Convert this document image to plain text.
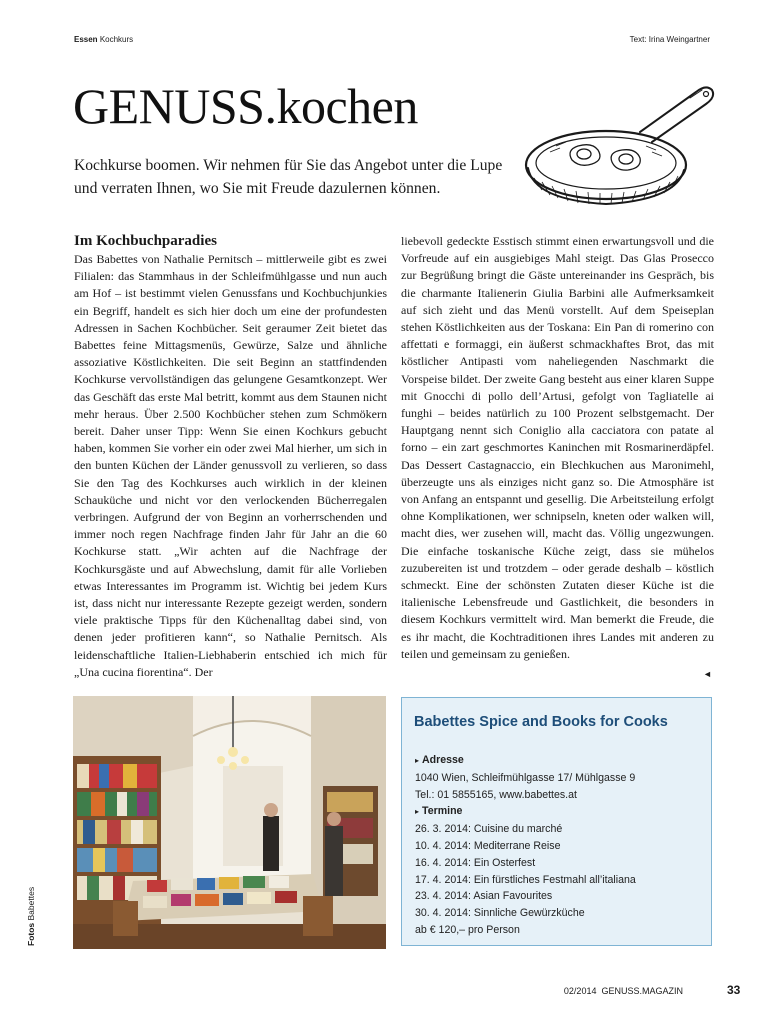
Essen Kochkurs	Text: Irina Weingartner
GENUSS.kochen
Kochkurse boomen. Wir nehmen für Sie das Angebot unter die Lupe und verraten Ihnen, wo Sie mit Freude dazulernen können.
Im Kochbuchparadies

Das Babettes von Nathalie Pernitsch – mittlerweile gibt es zwei Filialen: das Stammhaus in der Schleifmühlgasse und nun auch am Hof – ist bestimmt vielen Genussfans und Kochbuchjunkies ein Begriff, handelt es sich hier doch um eine der profundesten Adressen in Sachen Kochbücher. Seit geraumer Zeit bietet das Babettes feine Mittagsmenüs, Gewürze, Salze und ähnliche assoziative Köstlichkeiten. Die seit Beginn an stattfindenden Kochkurse vervollständigen das gelungene Gesamtkonzept. Wer das Geschäft das erste Mal betritt, kommt aus dem Staunen nicht mehr heraus. Über 2.500 Kochbücher stehen zum Schmökern bereit. Daher unser Tipp: Wenn Sie einen Kochkurs gebucht haben, kommen Sie vorher ein oder zwei Mal hierher, um sich in den bunten Küchen der Länder genussvoll zu verlieren, so dass Sie den Tag des Kochkurses auch wirklich in der kleinen Schauküche und nicht vor den verlockenden Bücherregalen verbringen. Aufgrund der von Beginn an vorherrschenden und immer noch regen Nachfrage finden Jahr für Jahr an die 60 Kochkurse statt. „Wir achten auf die Nachfrage der Kochkursgäste und auf Abwechslung, damit für alle Vorlieben etwas Interessantes im Programm ist. Wichtig bei jedem Kurs ist, dass nicht nur interessante Rezepte gezeigt werden, sondern viele praktische Tipps für den Küchenalltag dabei sind, von denen jeder profitieren kann“, so Nathalie Pernitsch. Als leidenschaftliche Italien-Liebhaberin entschied ich mich für „Una cucina fiorentina“. Der

liebevoll gedeckte Esstisch stimmt einen erwartungsvoll und die Vorfreude auf ein ausgiebiges Mahl steigt. Das Glas Prosecco zur Begrüßung bringt die Gäste untereinander ins Gespräch, bis die charmante Italienerin Giulia Barbini alle Aufmerksamkeit auf sich zieht und das Menü vorstellt. Auf dem Speiseplan stehen Köstlichkeiten aus der Toskana: Ein Pan di romerino con affettati e formaggi, ein äußerst schmackhaftes Brot, das mit köstlicher Antipasti vom naheliegenden Naschmarkt die Vorspeise bildet. Der zweite Gang besteht aus einer klaren Suppe mit Gnocchi di pollo dell’Artusi, gefolgt von Tagliatelle ai funghi – beides natürlich zu 100 Prozent selbstgemacht. Der Hauptgang nennt sich Coniglio alla cacciatora con patate al forno – ein zart geschmortes Kaninchen mit Rosmarinerdäpfel. Das Dessert Castagnaccio, ein Blechkuchen aus Maronimehl, überzeugte uns als einziges nicht ganz so. Die Atmosphäre ist von Anfang an entspannt und gesellig. Die Arbeitsteilung erfolgt ohne Komplikationen, wer schnipseln, kneten oder walken will, macht dies, wer zusehen will, macht das. Völlig ungezwungen. Die einfache toskanische Küche zeigt, dass sie mühelos zuzubereiten ist und trotzdem – oder gerade deshalb – köstlich schmeckt. Eine der schönsten Zutaten dieser Küche ist die italienische Lebensfreude und Gastlichkeit, die besonders in diesem Kochkurs vermittelt wird. Man bemerkt die Freude, die es ihr macht, die Kochtraditionen ihres Landes mit anderen zu teilen und gemeinsam zu genießen.

◄
Babettes Spice and Books for Cooks
▸ Adresse
1040 Wien, Schleifmühlgasse 17/ Mühlgasse 9
Tel.: 01 5855165, www.babettes.at
▸ Termine
26. 3. 2014: Cuisine du marché
10. 4. 2014: Mediterrane Reise
16. 4. 2014: Ein Osterfest
17. 4. 2014: Ein fürstliches Festmahl all’italiana
23. 4. 2014: Asian Favourites
30. 4. 2014: Sinnliche Gewürzküche
ab € 120,– pro Person
Fotos Babettes
02/2014 GENUSS.MAGAZIN	33
